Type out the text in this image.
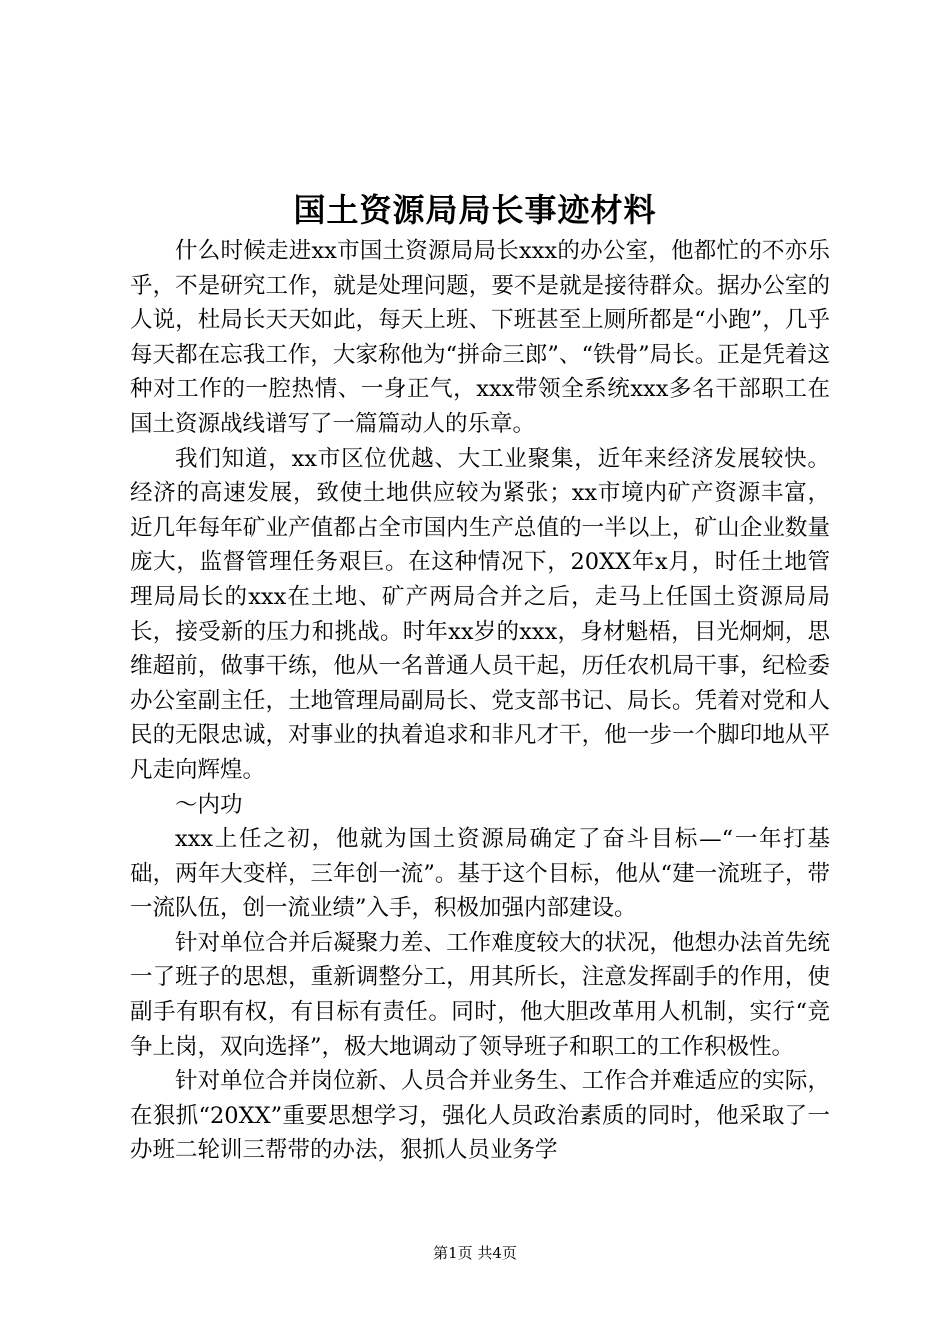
国土资源局局长事迹材料

什么时候走进xx市国土资源局局长xxx的办公室，他都忙的不亦乐乎，不是研究工作，就是处理问题，要不是就是接待群众。据办公室的人说，杜局长天天如此，每天上班、下班甚至上厕所都是“小跑”，几乎每天都在忘我工作，大家称他为“拼命三郎”、“铁骨”局长。正是凭着这种对工作的一腔热情、一身正气，xxx带领全系统xxx多名干部职工在国土资源战线谱写了一篇篇动人的乐章。

我们知道，xx市区位优越、大工业聚集，近年来经济发展较快。经济的高速发展，致使土地供应较为紧张；xx市境内矿产资源丰富，近几年每年矿业产值都占全市国内生产总值的一半以上，矿山企业数量庞大，监督管理任务艰巨。在这种情况下，20XX年x月，时任土地管理局局长的xxx在土地、矿产两局合并之后，走马上任国土资源局局长，接受新的压力和挑战。时年xx岁的xxx，身材魁梧，目光炯炯，思维超前，做事干练，他从一名普通人员干起，历任农机局干事，纪检委办公室副主任，土地管理局副局长、党支部书记、局长。凭着对党和人民的无限忠诚，对事业的执着追求和非凡才干，他一步一个脚印地从平凡走向辉煌。

～内功

xxx上任之初，他就为国土资源局确定了奋斗目标—“一年打基础，两年大变样，三年创一流”。基于这个目标，他从“建一流班子，带一流队伍，创一流业绩”入手，积极加强内部建设。

针对单位合并后凝聚力差、工作难度较大的状况，他想办法首先统一了班子的思想，重新调整分工，用其所长，注意发挥副手的作用，使副手有职有权，有目标有责任。同时，他大胆改革用人机制，实行“竞争上岗，双向选择”，极大地调动了领导班子和职工的工作积极性。

针对单位合并岗位新、人员合并业务生、工作合并难适应的实际，在狠抓“20XX”重要思想学习，强化人员政治素质的同时，他采取了一办班二轮训三帮带的办法，狠抓人员业务学

第1页 共4页
